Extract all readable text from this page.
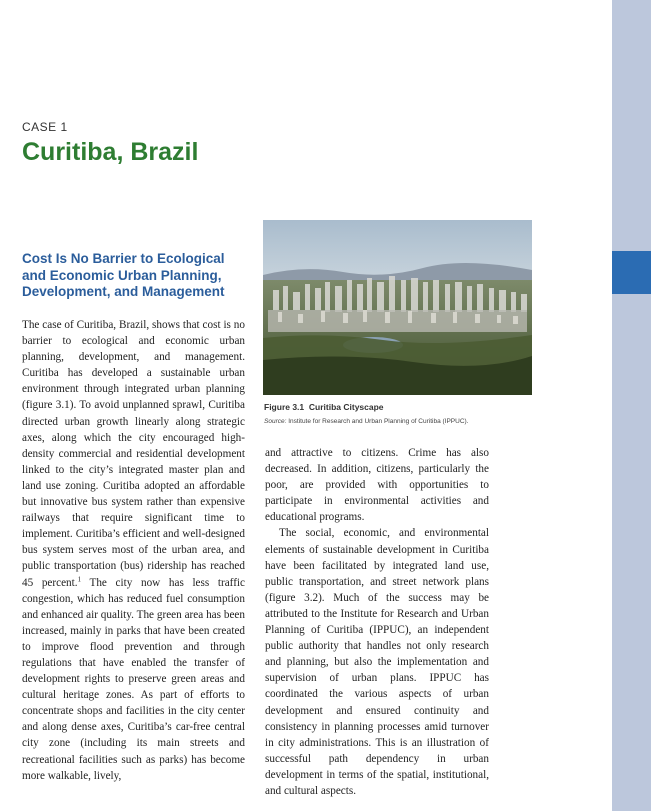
CASE 1
Curitiba, Brazil
Cost Is No Barrier to Ecological and Economic Urban Planning, Development, and Management
The case of Curitiba, Brazil, shows that cost is no barrier to ecological and economic urban planning, development, and management. Curitiba has developed a sustainable urban environment through integrated urban planning (figure 3.1). To avoid unplanned sprawl, Curitiba directed urban growth linearly along strategic axes, along which the city encouraged high-density commercial and residential development linked to the city’s integrated master plan and land use zoning. Curitiba adopted an affordable but innovative bus system rather than expensive railways that require significant time to implement. Curitiba’s efficient and well-designed bus system serves most of the urban area, and public transportation (bus) ridership has reached 45 percent.$^1$ The city now has less traffic congestion, which has reduced fuel consumption and enhanced air quality. The green area has been increased, mainly in parks that have been created to improve flood prevention and through regulations that have enabled the transfer of development rights to preserve green areas and cultural heritage zones. As part of efforts to concentrate shops and facilities in the city center and along dense axes, Curitiba’s car-free central city zone (including its main streets and recreational facilities such as parks) has become more walkable, lively,
Figure 3.1 Curitiba Cityscape
Source: Institute for Research and Urban Planning of Curitiba (IPPUC).

and attractive to citizens. Crime has also decreased. In addition, citizens, particularly the poor, are provided with opportunities to participate in environmental activities and educational programs.

The social, economic, and environmental elements of sustainable development in Curitiba have been facilitated by integrated land use, public transportation, and street network plans (figure 3.2). Much of the success may be attributed to the Institute for Research and Urban Planning of Curitiba (IPPUC), an independent public authority that handles not only research and planning, but also the implementation and supervision of urban plans. IPPUC has coordinated the various aspects of urban development and ensured continuity and consistency in planning processes amid turnover in city administrations. This is an illustration of successful path dependency in urban development in terms of the spatial, institutional, and cultural aspects.
